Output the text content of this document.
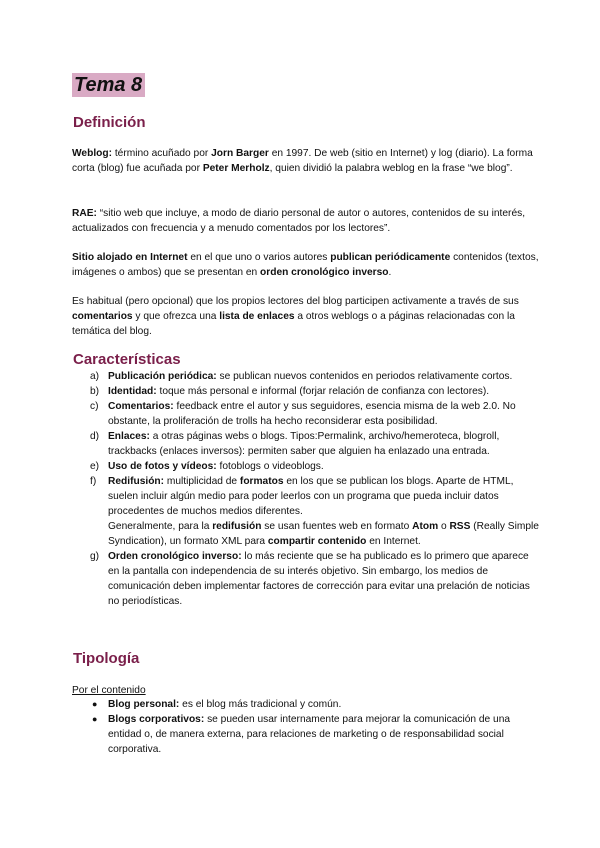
Tema 8
Definición

Weblog: término acuñado por Jorn Barger en 1997. De web (sitio en Internet) y log (diario). La forma corta (blog) fue acuñada por Peter Merholz, quien dividió la palabra weblog en la frase “we blog”.

RAE: “sitio web que incluye, a modo de diario personal de autor o autores, contenidos de su interés, actualizados con frecuencia y a menudo comentados por los lectores”.

Sitio alojado en Internet en el que uno o varios autores publican periódicamente contenidos (textos, imágenes o ambos) que se presentan en orden cronológico inverso.

Es habitual (pero opcional) que los propios lectores del blog participen activamente a través de sus comentarios y que ofrezca una lista de enlaces a otros weblogs o a páginas relacionadas con la temática del blog.

Características
a) Publicación periódica: se publican nuevos contenidos en periodos relativamente cortos.
b) Identidad: toque más personal e informal (forjar relación de confianza con lectores).
c) Comentarios: feedback entre el autor y sus seguidores, esencia misma de la web 2.0. No obstante, la proliferación de trolls ha hecho reconsiderar esta posibilidad.
d) Enlaces: a otras páginas webs o blogs. Tipos:Permalink, archivo/hemeroteca, blogroll, trackbacks (enlaces inversos): permiten saber que alguien ha enlazado una entrada.
e) Uso de fotos y vídeos: fotoblogs o videoblogs.
f) Redifusión: multiplicidad de formatos en los que se publican los blogs. Aparte de HTML, suelen incluir algún medio para poder leerlos con un programa que pueda incluir datos procedentes de muchos medios diferentes.
Generalmente, para la redifusión se usan fuentes web en formato Atom o RSS (Really Simple Syndication), un formato XML para compartir contenido en Internet.
g) Orden cronológico inverso: lo más reciente que se ha publicado es lo primero que aparece en la pantalla con independencia de su interés objetivo. Sin embargo, los medios de comunicación deben implementar factores de corrección para evitar una prelación de noticias no periodísticas.
Tipología

Por el contenido

● Blog personal: es el blog más tradicional y común.
● Blogs corporativos: se pueden usar internamente para mejorar la comunicación de una entidad o, de manera externa, para relaciones de marketing o de responsabilidad social corporativa.
